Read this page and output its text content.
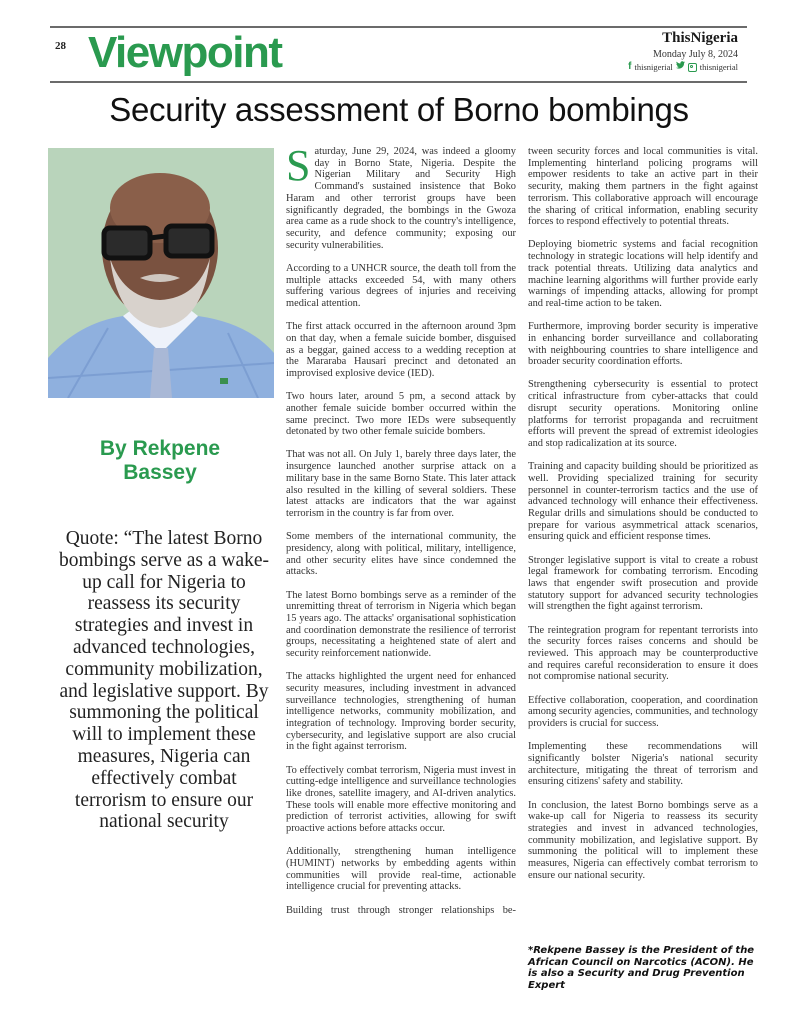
28 Viewpoint	ThisNigeria
Monday July 8, 2024
f thisnigerial	thisnigerial
Security assessment of Borno bombings
By Rekpene
Bassey
Quote: “The latest Borno bombings serve as a wake-up call for Nigeria to reassess its security strategies and invest in advanced technologies, community mobilization, and legislative support. By summoning the political will to implement these measures, Nigeria can effectively combat terrorism to ensure our national security

Saturday, June 29, 2024, was indeed a gloomy day in Borno State, Nigeria. Despite the Nigerian Military and Security High Command's sustained insistence that Boko Haram and other terrorist groups have been significantly degraded, the bombings in the Gwoza area came as a rude shock to the country's intelligence, security, and defence community; exposing our security vulnerabilities.

According to a UNHCR source, the death toll from the multiple attacks exceeded 54, with many others suffering various degrees of injuries and receiving medical attention.

The first attack occurred in the afternoon around 3pm on that day, when a female suicide bomber, disguised as a beggar, gained access to a wedding reception at the Mararaba Hausari precinct and detonated an improvised explosive device (IED).

Two hours later, around 5 pm, a second attack by another female suicide bomber occurred within the same precinct. Two more IEDs were subsequently detonated by two other female suicide bombers.

That was not all. On July 1, barely three days later, the insurgence launched another surprise attack on a military base in the same Borno State. This later attack also resulted in the killing of several soldiers. These latest attacks are indicators that the war against terrorism in the country is far from over.

Some members of the international community, the presidency, along with political, military, intelligence, and other security elites have since condemned the attacks.

The latest Borno bombings serve as a reminder of the unremitting threat of terrorism in Nigeria which began 15 years ago. The attacks' organisational sophistication and coordination demonstrate the resilience of terrorist groups, necessitating a heightened state of alert and security reinforcement nationwide.

The attacks highlighted the urgent need for enhanced security measures, including investment in advanced surveillance technologies, strengthening of human intelligence networks, community mobilization, and integration of technology. Improving border security, cybersecurity, and legislative support are also crucial in the fight against terrorism.

To effectively combat terrorism, Nigeria must invest in cutting-edge intelligence and surveillance technologies like drones, satellite imagery, and AI-driven analytics. These tools will enable more effective monitoring and prediction of terrorist activities, allowing for swift proactive actions before attacks occur.

Additionally, strengthening human intelligence (HUMINT) networks by embedding agents within communities will provide real-time, actionable intelligence crucial for preventing attacks.

Building trust through stronger relationships be-

tween security forces and local communities is vital. Implementing hinterland policing programs will empower residents to take an active part in their security, making them partners in the fight against terrorism. This collaborative approach will encourage the sharing of critical information, enabling security forces to respond effectively to potential threats.

Deploying biometric systems and facial recognition technology in strategic locations will help identify and track potential threats. Utilizing data analytics and machine learning algorithms will further provide early warnings of impending attacks, allowing for prompt and real-time action to be taken.

Furthermore, improving border security is imperative in enhancing border surveillance and collaborating with neighbouring countries to share intelligence and broader security coordination efforts.

Strengthening cybersecurity is essential to protect critical infrastructure from cyber-attacks that could disrupt security operations. Monitoring online platforms for terrorist propaganda and recruitment efforts will prevent the spread of extremist ideologies and stop radicalization at its source.

Training and capacity building should be prioritized as well. Providing specialized training for security personnel in counter-terrorism tactics and the use of advanced technology will enhance their effectiveness. Regular drills and simulations should be conducted to prepare for various asymmetrical attack scenarios, ensuring quick and efficient response times.

Stronger legislative support is vital to create a robust legal framework for combating terrorism. Encoding laws that engender swift prosecution and provide statutory support for advanced security technologies will strengthen the fight against terrorism.

The reintegration program for repentant terrorists into the security forces raises concerns and should be reviewed. This approach may be counterproductive and requires careful reconsideration to ensure it does not compromise national security.

Effective collaboration, cooperation, and coordination among security agencies, communities, and technology providers is crucial for success.

Implementing these recommendations will significantly bolster Nigeria's national security architecture, mitigating the threat of terrorism and ensuring citizens' safety and stability.

In conclusion, the latest Borno bombings serve as a wake-up call for Nigeria to reassess its security strategies and invest in advanced technologies, community mobilization, and legislative support. By summoning the political will to implement these measures, Nigeria can effectively combat terrorism to ensure our national security.

*Rekpene Bassey is the President of the African Council on Narcotics (ACON). He is also a Security and Drug Prevention Expert
